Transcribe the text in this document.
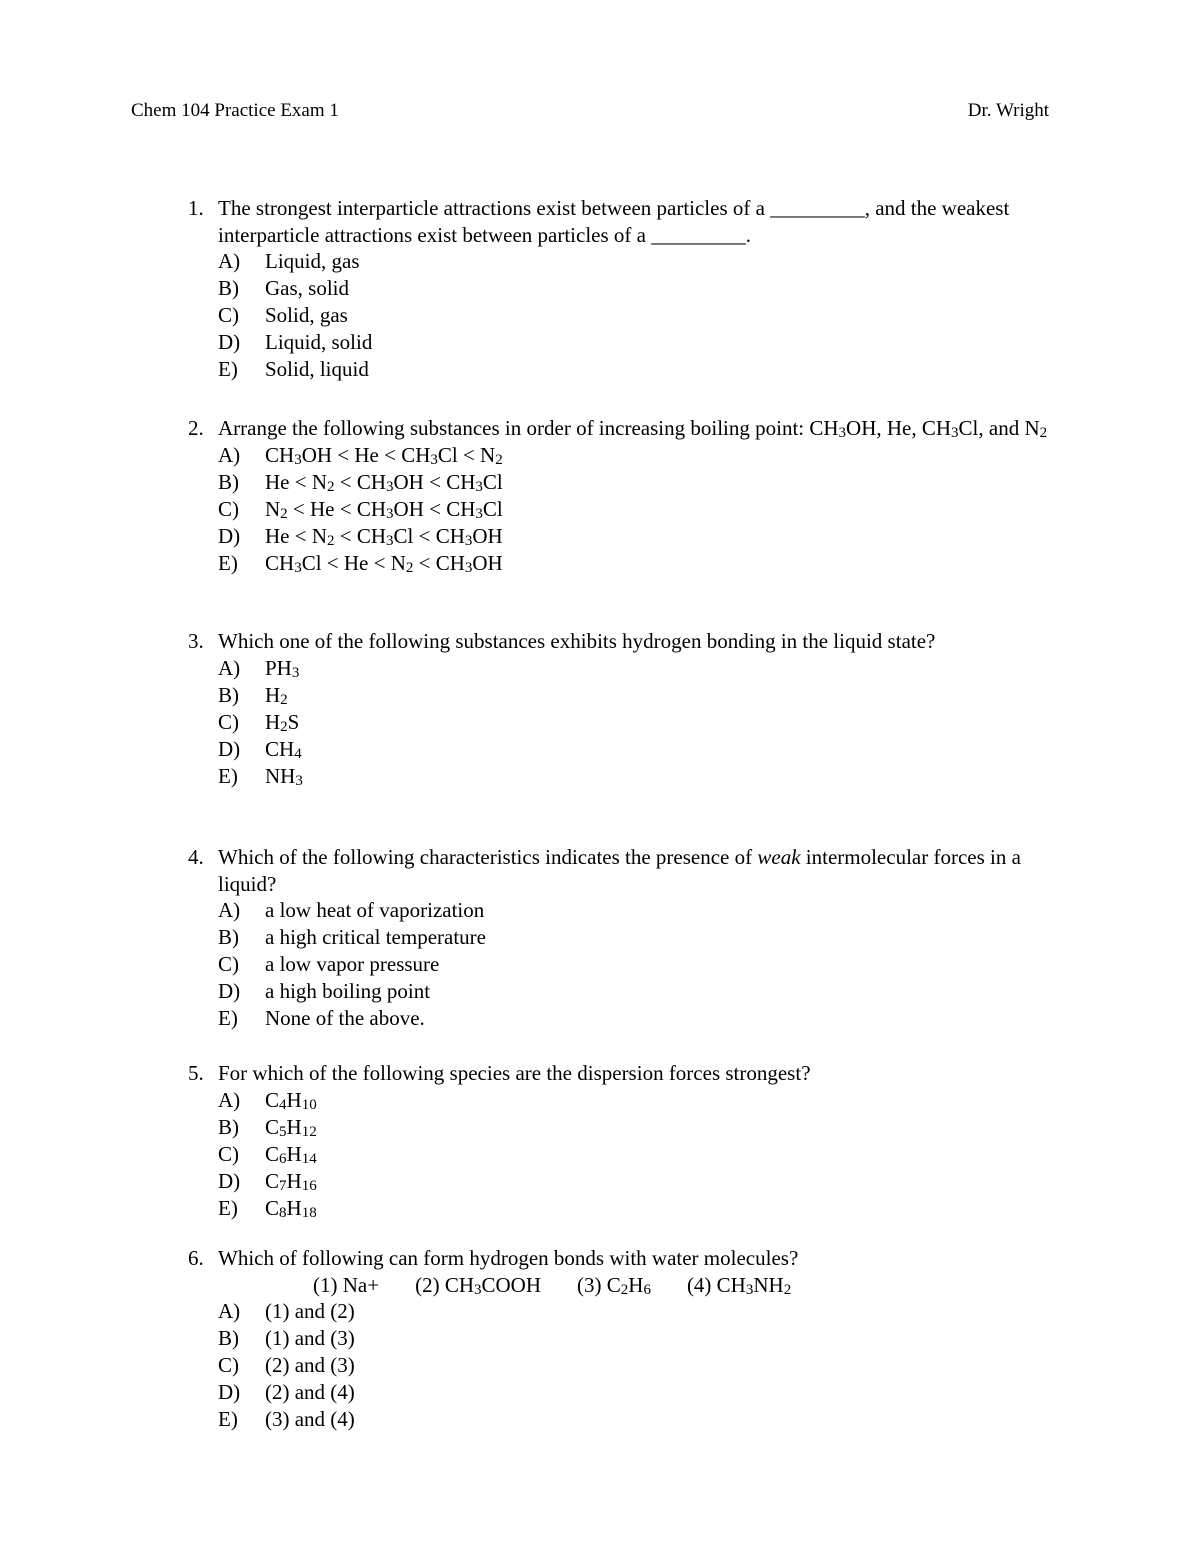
Chem 104 Practice Exam 1	Dr. Wright
1. The strongest interparticle attractions exist between particles of a _________, and the weakest interparticle attractions exist between particles of a _________.
A) Liquid, gas
B) Gas, solid
C) Solid, gas
D) Liquid, solid
E) Solid, liquid
2. Arrange the following substances in order of increasing boiling point: $CH_3OH$, He, $CH_3Cl$, and $N_2$
A) $CH_3OH < He < CH_3Cl < N_2$
B) $He < N_2 < CH_3OH < CH_3Cl$
C) $N_2 < He < CH_3OH < CH_3Cl$
D) $He < N_2 < CH_3Cl < CH_3OH$
E) $CH_3Cl < He < N_2 < CH_3OH$
3. Which one of the following substances exhibits hydrogen bonding in the liquid state?
A) $PH_3$
B) $H_2$
C) $H_2S$
D) $CH_4$
E) $NH_3$
4. Which of the following characteristics indicates the presence of weak intermolecular forces in a liquid?
A) a low heat of vaporization
B) a high critical temperature
C) a low vapor pressure
D) a high boiling point
E) None of the above.
5. For which of the following species are the dispersion forces strongest?
A) $C_4H_{10}$
B) $C_5H_{12}$
C) $C_6H_{14}$
D) $C_7H_{16}$
E) $C_8H_{18}$
6. Which of following can form hydrogen bonds with water molecules?
(1) Na+ (2) $CH_3COOH$ (3) $C_2H_6$ (4) $CH_3NH_2$
A) (1) and (2)
B) (1) and (3)
C) (2) and (3)
D) (2) and (4)
E) (3) and (4)
